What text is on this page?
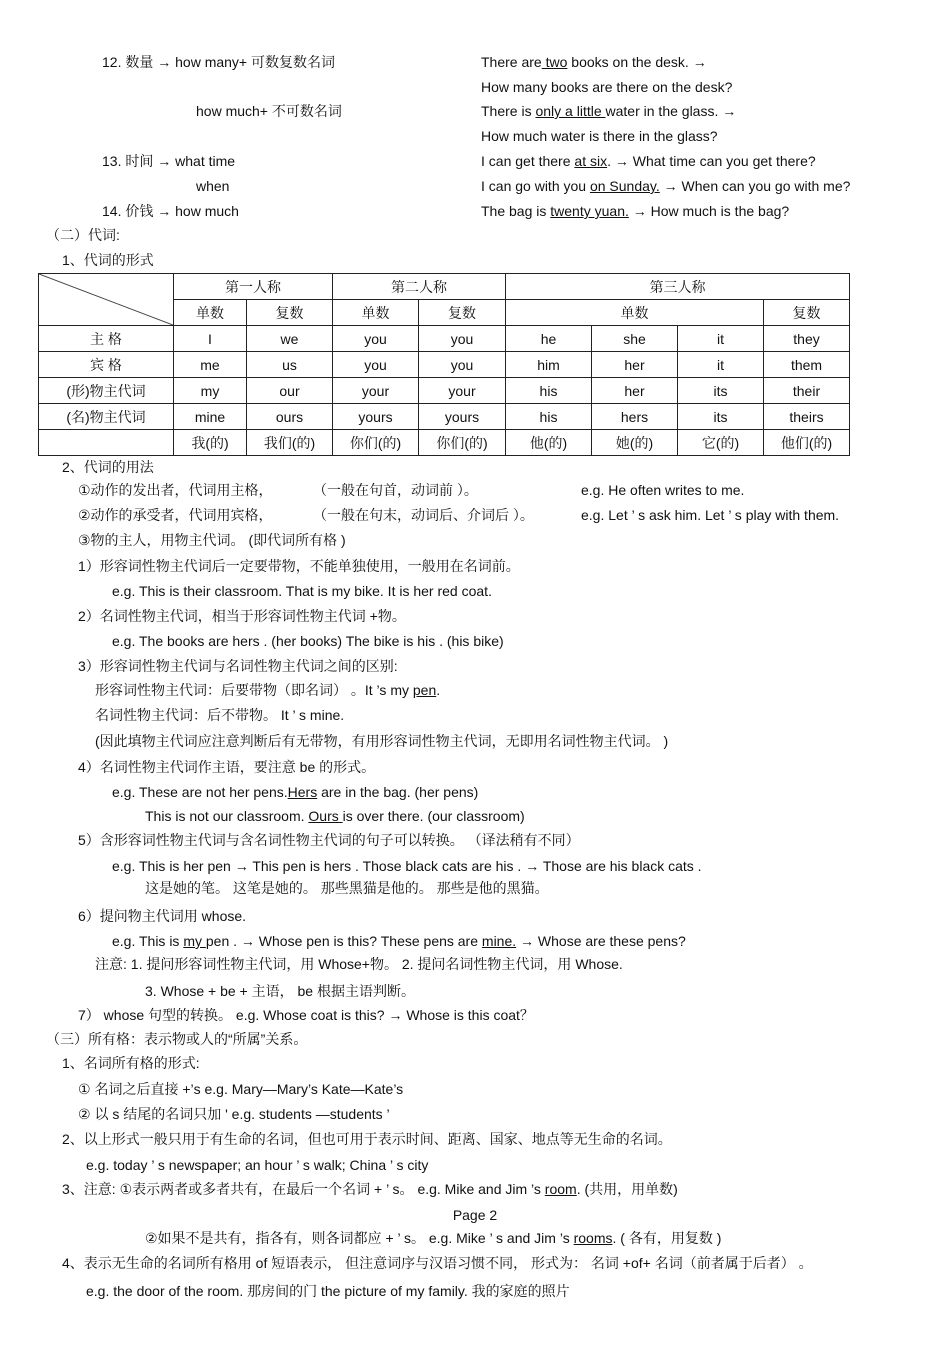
12. 数量 → how many+ 可数复数名词	There are two books on the desk. →
How many books are there on the desk?
how much+ 不可数名词	There is only a little water in the glass. →
How much water is there in the glass?
13. 时间 → what time	I can get there at six. → What time can you get there?
when	I can go with you on Sunday. → When can you go with me?
14. 价钱 → how much	The bag is twenty yuan. → How much is the bag?
（二）代词:
1、代词的形式
	第一人称		第二人称		第三人称			
	单数	复数	单数	复数	单数			复数
主 格	I	we	you	you	he	she	it	they
宾 格	me	us	you	you	him	her	it	them
(形)物主代词	my	our	your	your	his	her	its	their
(名)物主代词	mine	ours	yours	yours	his	hers	its	theirs
	我(的)	我们(的)	你们(的)	你们(的)	他(的)	她(的)	它(的)	他们(的)
2、代词的用法
①动作的发出者，代词用主格，	（一般在句首，动词前 ）。	e.g. He often writes to me.
②动作的承受者，代词用宾格，	（一般在句末，动词后、介词后 ）。	e.g. Let ’ s ask him. Let ’ s play with them.
③物的主人，用物主代词。 (即代词所有格 )
1）形容词性物主代词后一定要带物，不能单独使用，一般用在名词前。
e.g. This is their classroom. That is my bike. It is her red coat.
2）名词性物主代词，相当于形容词性物主代词 +物。
e.g. The books are hers . (her books) The bike is his . (his bike)
3）形容词性物主代词与名词性物主代词之间的区别:
形容词性物主代词：后要带物（即名词） 。It ’s my pen.
名词性物主代词：后不带物。 It ’ s mine.
(因此填物主代词应注意判断后有无带物，有用形容词性物主代词，无即用名词性物主代词。 )
4）名词性物主代词作主语，要注意 be 的形式。
e.g. These are not her pens.Hers are in the bag. (her pens)
This is not our classroom. Ours is over there. (our classroom)
5）含形容词性物主代词与含名词性物主代词的句子可以转换。 （译法稍有不同）
e.g. This is her pen → This pen is hers . Those black cats are his . → Those are his black cats .
这是她的笔。 这笔是她的。 那些黑猫是他的。 那些是他的黑猫。
6）提问物主代词用 whose.
e.g. This is my pen . → Whose pen is this? These pens are mine. → Whose are these pens?
注意: 1. 提问形容词性物主代词，用 Whose+物。 2. 提问名词性物主代词，用 Whose.
3. Whose + be + 主语， be 根据主语判断。
7） whose 句型的转换。 e.g. Whose coat is this? → Whose is this coat？
（三）所有格：表示物或人的“所属”关系。
1、名词所有格的形式:
① 名词之后直接 +’s e.g. Mary—Mary’s Kate—Kate’s
② 以 s 结尾的名词只加 ' e.g. students —students ’
2、以上形式一般只用于有生命的名词，但也可用于表示时间、距离、国家、地点等无生命的名词。
e.g. today ’ s newspaper; an hour ’ s walk; China ’ s city
3、注意: ①表示两者或多者共有，在最后一个名词 + ’ s。 e.g. Mike and Jim ’s room. (共用，用单数)
Page 2
②如果不是共有，指各有，则各词都应 + ’ s。 e.g. Mike ’ s and Jim ’s rooms. ( 各有，用复数 )
4、表示无生命的名词所有格用 of 短语表示， 但注意词序与汉语习惯不同， 形式为： 名词 +of+ 名词（前者属于后者） 。
e.g. the door of the room. 那房间的门 the picture of my family. 我的家庭的照片
